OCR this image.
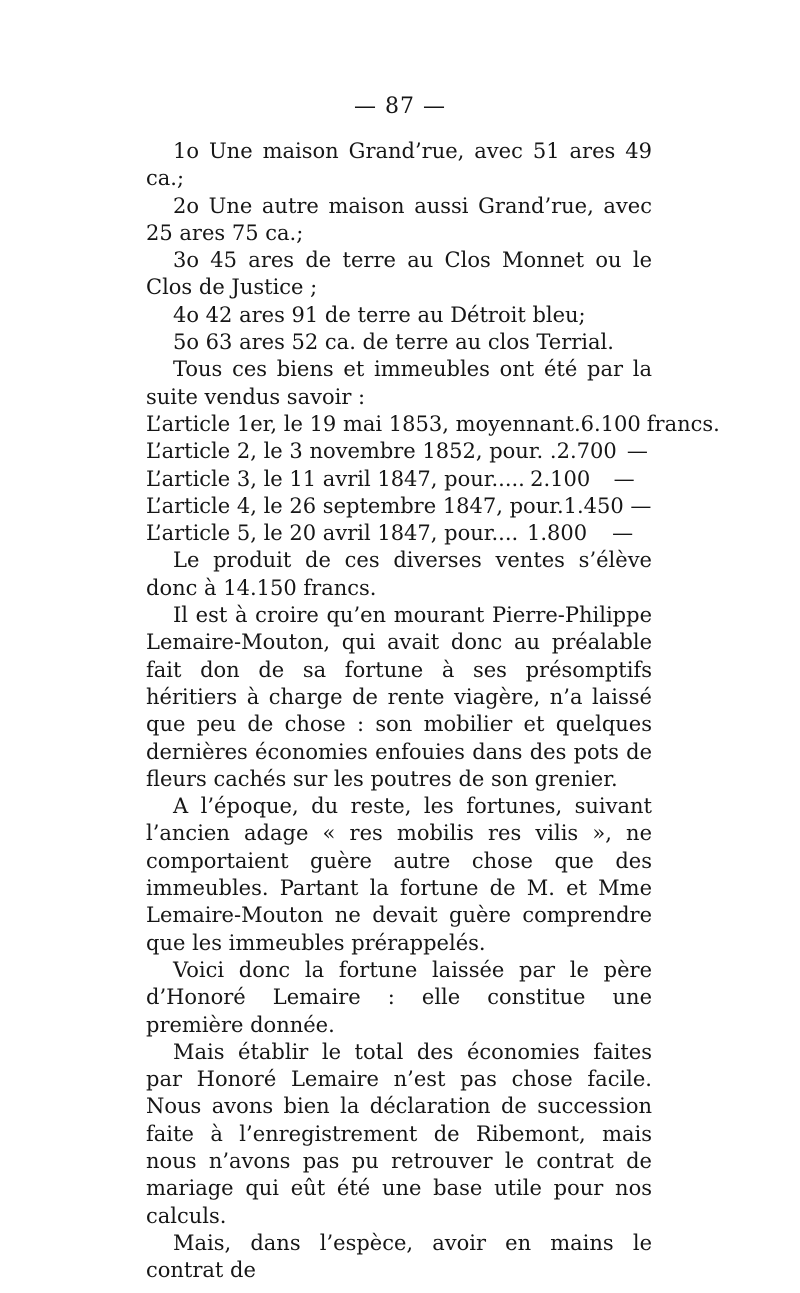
— 87 —

1o Une maison Grand’rue, avec 51 ares 49 ca.;

2o Une autre maison aussi Grand’rue, avec 25 ares 75 ca.;

3o 45 ares de terre au Clos Monnet ou le Clos de Justice ;

4o 42 ares 91 de terre au Détroit bleu;

5o 63 ares 52 ca. de terre au clos Terrial.

Tous ces biens et immeubles ont été par la suite vendus savoir :

L’article 1er, le 19 mai 1853, moyennant. 6.100 francs.
L’article 2, le 3 novembre 1852, pour. . 2.700 —
L’article 3, le 11 avril 1847, pour..... 2.100	—
L’article 4, le 26 septembre 1847, pour. 1.450 —
L’article 5, le 20 avril 1847, pour.... 1.800	—

Le produit de ces diverses ventes s’élève donc à 14.150 francs.

Il est à croire qu’en mourant Pierre-Philippe Lemaire-Mouton, qui avait donc au préalable fait don de sa fortune à ses présomptifs héritiers à charge de rente viagère, n’a laissé que peu de chose : son mobilier et quelques dernières économies enfouies dans des pots de fleurs cachés sur les poutres de son grenier.

A l’époque, du reste, les fortunes, suivant l’ancien adage « res mobilis res vilis », ne comportaient guère autre chose que des immeubles. Partant la fortune de M. et Mme Lemaire-Mouton ne devait guère comprendre que les immeubles prérappelés.

Voici donc la fortune laissée par le père d’Honoré Lemaire : elle constitue une première donnée.

Mais établir le total des économies faites par Honoré Lemaire n’est pas chose facile. Nous avons bien la déclaration de succession faite à l’enregistrement de Ribemont, mais nous n’avons pas pu retrouver le contrat de mariage qui eût été une base utile pour nos calculs.

Mais, dans l’espèce, avoir en mains le contrat de
